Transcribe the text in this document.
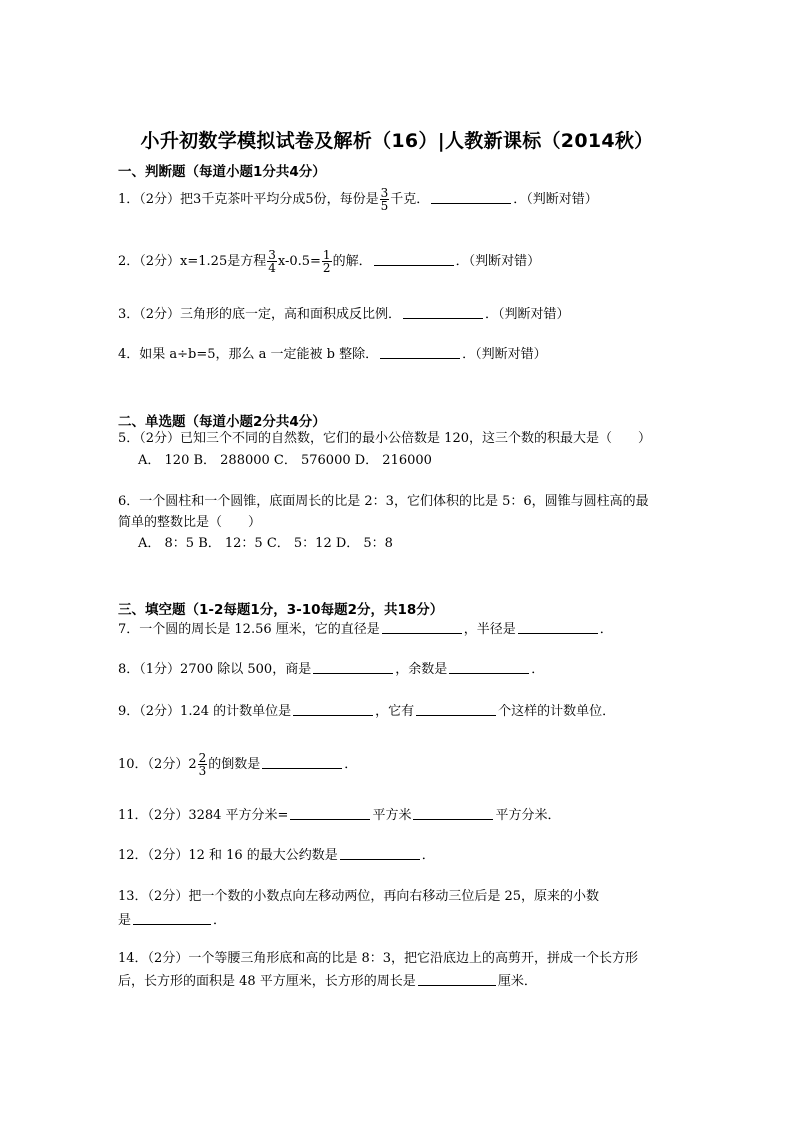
小升初数学模拟试卷及解析（16）|人教新课标（2014秋）
一、判断题（每道小题1分共4分）
1．（2分）把3千克茶叶平均分成5份，每份是 $\frac{3}{5}$ 千克．	．（判断对错）
2．（2分）x=1.25是方程 $\frac{3}{4} x-0.5= \frac{1}{2}$ 的解．	．（判断对错）
3．（2分）三角形的底一定，高和面积成反比例．	．（判断对错）
4．如果 a÷b=5，那么 a 一定能被 b 整除．	．（判断对错）
二、单选题（每道小题2分共4分）
5．（2分）已知三个不同的自然数，它们的最小公倍数是 120，这三个数的积最大是（　　）
A． 120 B． 288000 C． 576000 D． 216000
6．一个圆柱和一个圆锥，底面周长的比是 2：3，它们体积的比是 5：6，圆锥与圆柱高的最
简单的整数比是（　　）
A． 8：5 B． 12：5 C． 5：12 D． 5：8
三、填空题（1-2每题1分，3-10每题2分，共18分）
7．一个圆的周长是 12.56 厘米，它的直径是	，半径是	．
8．（1分）2700 除以 500，商是	，余数是	．
9．（2分）1.24 的计数单位是	，它有	个这样的计数单位．
10．（2分）$2 \frac{2}{3}$ 的倒数是	．
11．（2分）3284 平方分米=	平方米	平方分米．
12．（2分）12 和 16 的最大公约数是	．
13．（2分）把一个数的小数点向左移动两位，再向右移动三位后是 25，原来的小数
是	．
14．（2分）一个等腰三角形底和高的比是 8：3，把它沿底边上的高剪开，拼成一个长方形
后，长方形的面积是 48 平方厘米，长方形的周长是	厘米．
